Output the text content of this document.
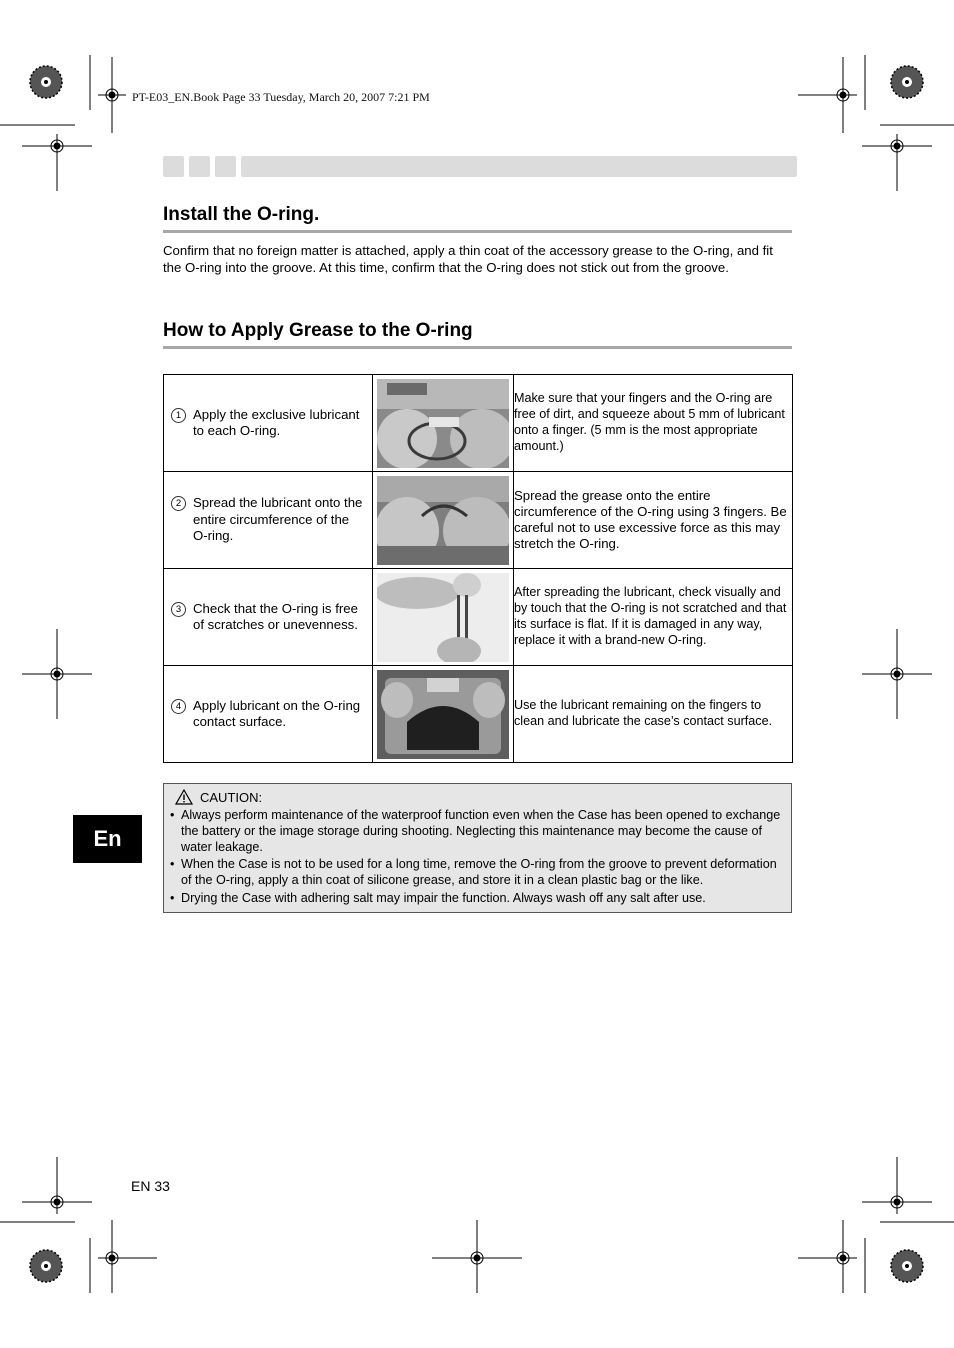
PT-E03_EN.Book Page 33 Tuesday, March 20, 2007 7:21 PM
Install the O-ring.
Confirm that no foreign matter is attached, apply a thin coat of the accessory grease to the O-ring, and fit the O-ring into the groove. At this time, confirm that the O-ring does not stick out from the groove.
How to Apply Grease to the O-ring
1 Apply the exclusive lubricant to each O-ring.		Make sure that your fingers and the O-ring are free of dirt, and squeeze about 5 mm of lubricant onto a finger. (5 mm is the most appropriate amount.)

2 Spread the lubricant onto the entire circumference of the O-ring.		Spread the grease onto the entire circumference of the O-ring using 3 fingers. Be careful not to use excessive force as this may stretch the O-ring.

3 Check that the O-ring is free of scratches or unevenness.		After spreading the lubricant, check visually and by touch that the O-ring is not scratched and that its surface is flat. If it is damaged in any way, replace it with a brand-new O-ring.

4 Apply lubricant on the O-ring contact surface.		Use the lubricant remaining on the fingers to clean and lubricate the case’s contact surface.
CAUTION:
• Always perform maintenance of the waterproof function even when the Case has been opened to exchange the battery or the image storage during shooting. Neglecting this maintenance may become the cause of water leakage.
• When the Case is not to be used for a long time, remove the O-ring from the groove to prevent deformation of the O-ring, apply a thin coat of silicone grease, and store it in a clean plastic bag or the like.
• Drying the Case with adhering salt may impair the function. Always wash off any salt after use.
En
EN 33
